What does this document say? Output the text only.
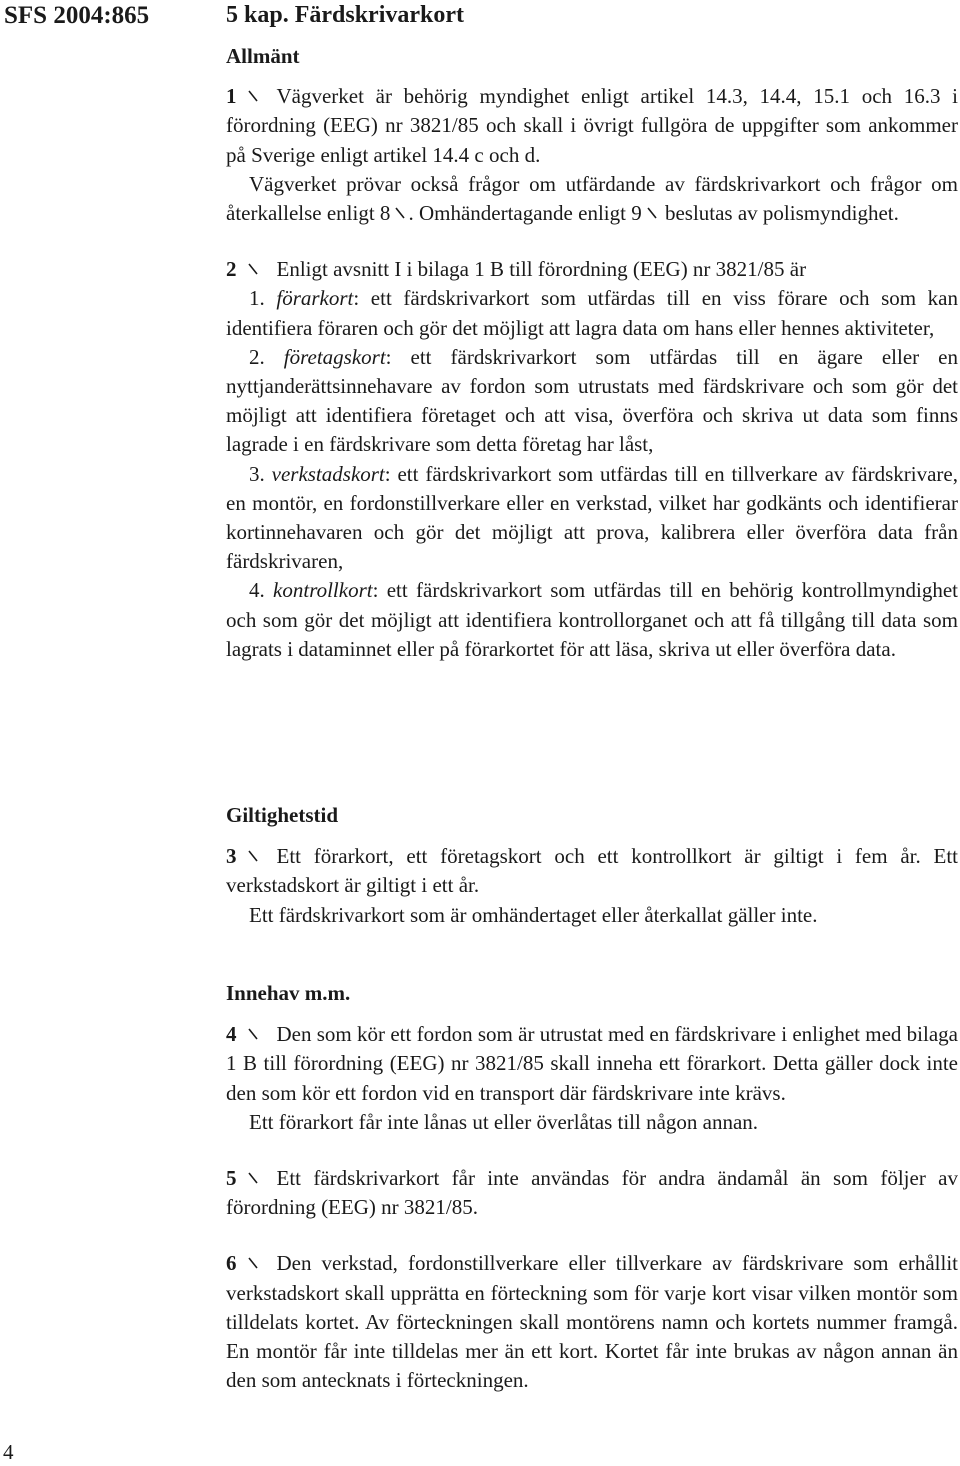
SFS 2004:865
4
5 kap. Färdskrivarkort

Allmänt

1 Vägverket är behörig myndighet enligt artikel 14.3, 14.4, 15.1 och 16.3 i förordning (EEG) nr 3821/85 och skall i övrigt fullgöra de uppgifter som ankommer på Sverige enligt artikel 14.4 c och d.

Vägverket prövar också frågor om utfärdande av färdskrivarkort och frågor om återkallelse enligt 8 . Omhändertagande enligt 9
beslutas av polismyndighet.

2 Enligt avsnitt I i bilaga 1 B till förordning (EEG) nr 3821/85 är

1. förarkort: ett färdskrivarkort som utfärdas till en viss förare och som kan identifiera föraren och gör det möjligt att lagra data om hans eller hennes aktiviteter,

2. företagskort: ett färdskrivarkort som utfärdas till en ägare eller en nyttjanderättsinnehavare av fordon som utrustats med färdskrivare och som gör det möjligt att identifiera företaget och att visa, överföra och skriva ut data som finns lagrade i en färdskrivare som detta företag har låst,

3. verkstadskort: ett färdskrivarkort som utfärdas till en tillverkare av färdskrivare, en montör, en fordonstillverkare eller en verkstad, vilket har godkänts och identifierar kortinnehavaren och gör det möjligt att prova, kalibrera eller överföra data från färdskrivaren,

4. kontrollkort: ett färdskrivarkort som utfärdas till en behörig kontrollmyndighet och som gör det möjligt att identifiera kontrollorganet och att få tillgång till data som lagrats i dataminnet eller på förarkortet för att läsa, skriva ut eller överföra data.

Giltighetstid

3 Ett förarkort, ett företagskort och ett kontrollkort är giltigt i fem år. Ett verkstadskort är giltigt i ett år.

Ett färdskrivarkort som är omhändertaget eller återkallat gäller inte.

Innehav m.m.

4 Den som kör ett fordon som är utrustat med en färdskrivare i enlighet med bilaga 1 B till förordning (EEG) nr 3821/85 skall inneha ett förarkort. Detta gäller dock inte den som kör ett fordon vid en transport där färdskrivare inte krävs.

Ett förarkort får inte lånas ut eller överlåtas till någon annan.

5 Ett färdskrivarkort får inte användas för andra ändamål än som följer av förordning (EEG) nr 3821/85.

6 Den verkstad, fordonstillverkare eller tillverkare av färdskrivare som erhållit verkstadskort skall upprätta en förteckning som för varje kort visar vilken montör som tilldelats kortet. Av förteckningen skall montörens namn och kortets nummer framgå. En montör får inte tilldelas mer än ett kort. Kortet får inte brukas av någon annan än den som antecknats i förteckningen.
